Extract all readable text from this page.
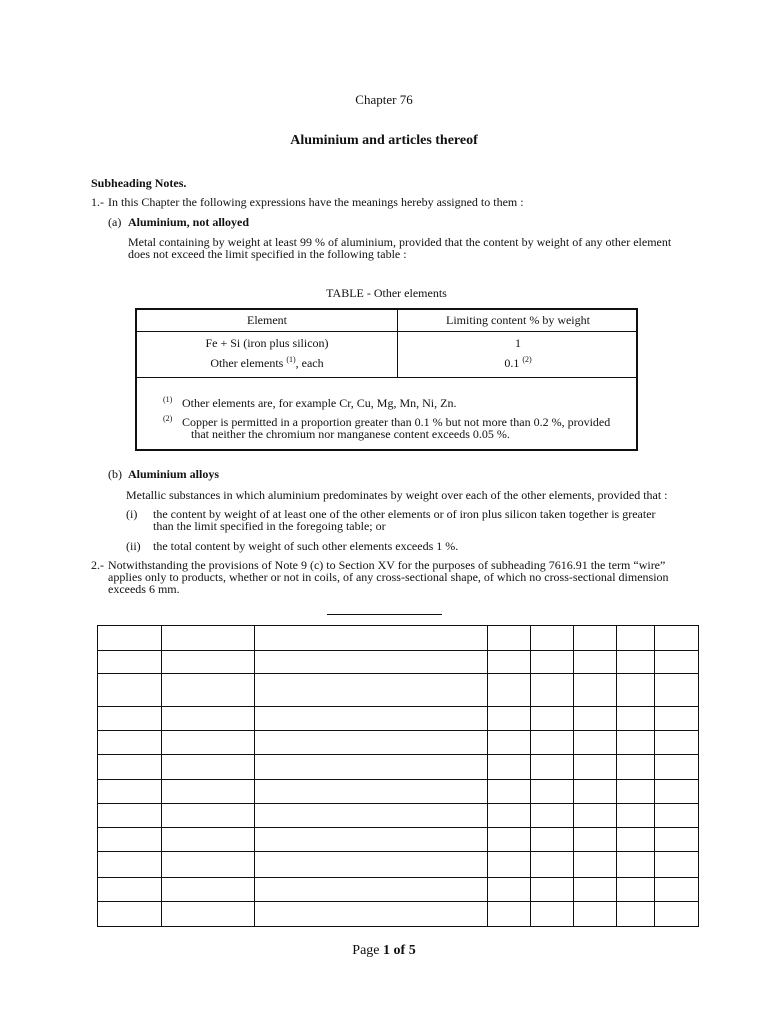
Chapter 76
Aluminium and articles thereof
Subheading Notes.
1.- In this Chapter the following expressions have the meanings hereby assigned to them :
(a) Aluminium, not alloyed
Metal containing by weight at least 99 % of aluminium, provided that the content by weight of any other element
does not exceed the limit specified in the following table :
TABLE - Other elements
Element	Limiting content % by weight
Fe + Si (iron plus silicon)	1
Other elements $^{(1)}$, each	0.1 $^{(2)}$
(1) Other elements are, for example Cr, Cu, Mg, Mn, Ni, Zn.
(2) Copper is permitted in a proportion greater than 0.1 % but not more than 0.2 %, provided
that neither the chromium nor manganese content exceeds 0.05 %.
(b) Aluminium alloys
Metallic substances in which aluminium predominates by weight over each of the other elements, provided that :
(i) the content by weight of at least one of the other elements or of iron plus silicon taken together is greater
than the limit specified in the foregoing table; or
(ii) the total content by weight of such other elements exceeds 1 %.
2.- Notwithstanding the provisions of Note 9 (c) to Section XV for the purposes of subheading 7616.91 the term “wire”
applies only to products, whether or not in coils, of any cross-sectional shape, of which no cross-sectional dimension
exceeds 6 mm.

Page 1 of 5
